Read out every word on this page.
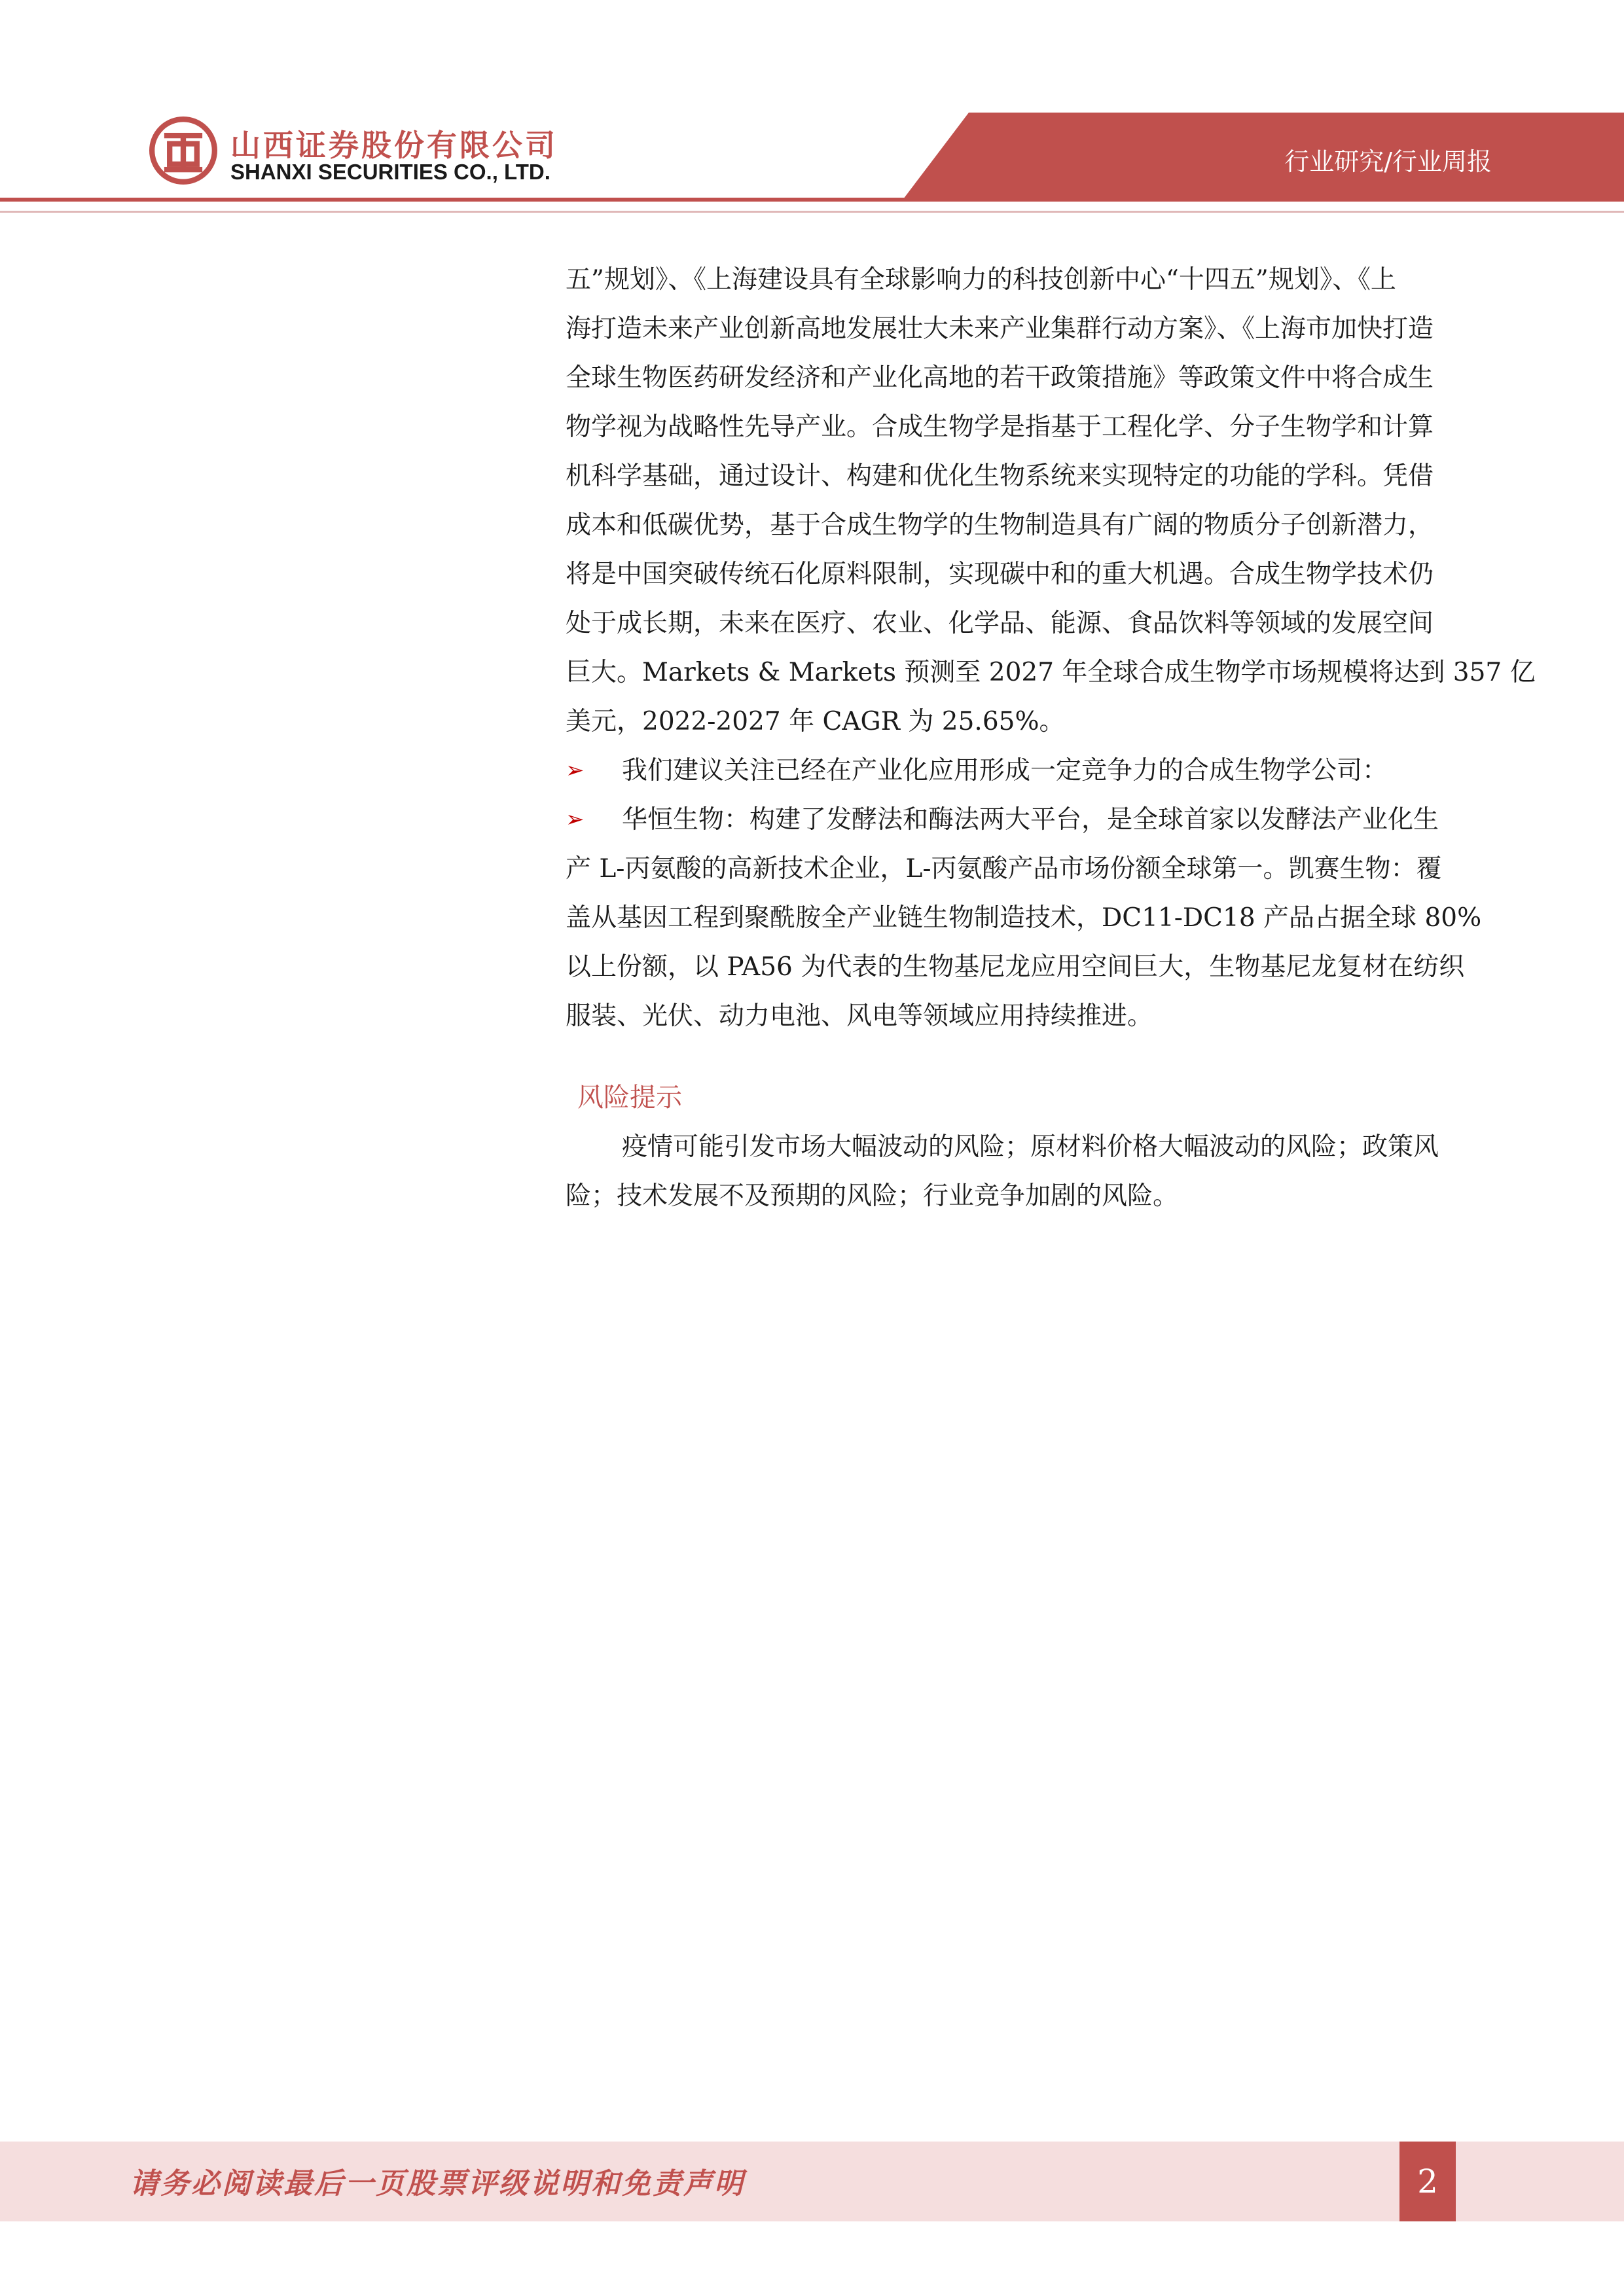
山西证券股份有限公司
SHANXI SECURITIES CO., LTD.	行业研究/行业周报
五”规划》、《上海建设具有全球影响力的科技创新中心“十四五”规划》、《上
海打造未来产业创新高地发展壮大未来产业集群行动方案》、《上海市加快打造
全球生物医药研发经济和产业化高地的若干政策措施》等政策文件中将合成生
物学视为战略性先导产业。合成生物学是指基于工程化学、分子生物学和计算
机科学基础，通过设计、构建和优化生物系统来实现特定的功能的学科。凭借
成本和低碳优势，基于合成生物学的生物制造具有广阔的物质分子创新潜力，
将是中国突破传统石化原料限制，实现碳中和的重大机遇。合成生物学技术仍
处于成长期，未来在医疗、农业、化学品、能源、食品饮料等领域的发展空间
巨大。Markets & Markets 预测至 2027 年全球合成生物学市场规模将达到 357 亿
美元，2022-2027 年 CAGR 为 25.65%。
➢ 我们建议关注已经在产业化应用形成一定竞争力的合成生物学公司：
➢ 华恒生物：构建了发酵法和酶法两大平台，是全球首家以发酵法产业化生
产 L-丙氨酸的高新技术企业，L-丙氨酸产品市场份额全球第一。凯赛生物：覆
盖从基因工程到聚酰胺全产业链生物制造技术，DC11-DC18 产品占据全球 80%
以上份额，以 PA56 为代表的生物基尼龙应用空间巨大，生物基尼龙复材在纺织
服装、光伏、动力电池、风电等领域应用持续推进。
风险提示
疫情可能引发市场大幅波动的风险；原材料价格大幅波动的风险；政策风
险；技术发展不及预期的风险；行业竞争加剧的风险。
请务必阅读最后一页股票评级说明和免责声明	2
